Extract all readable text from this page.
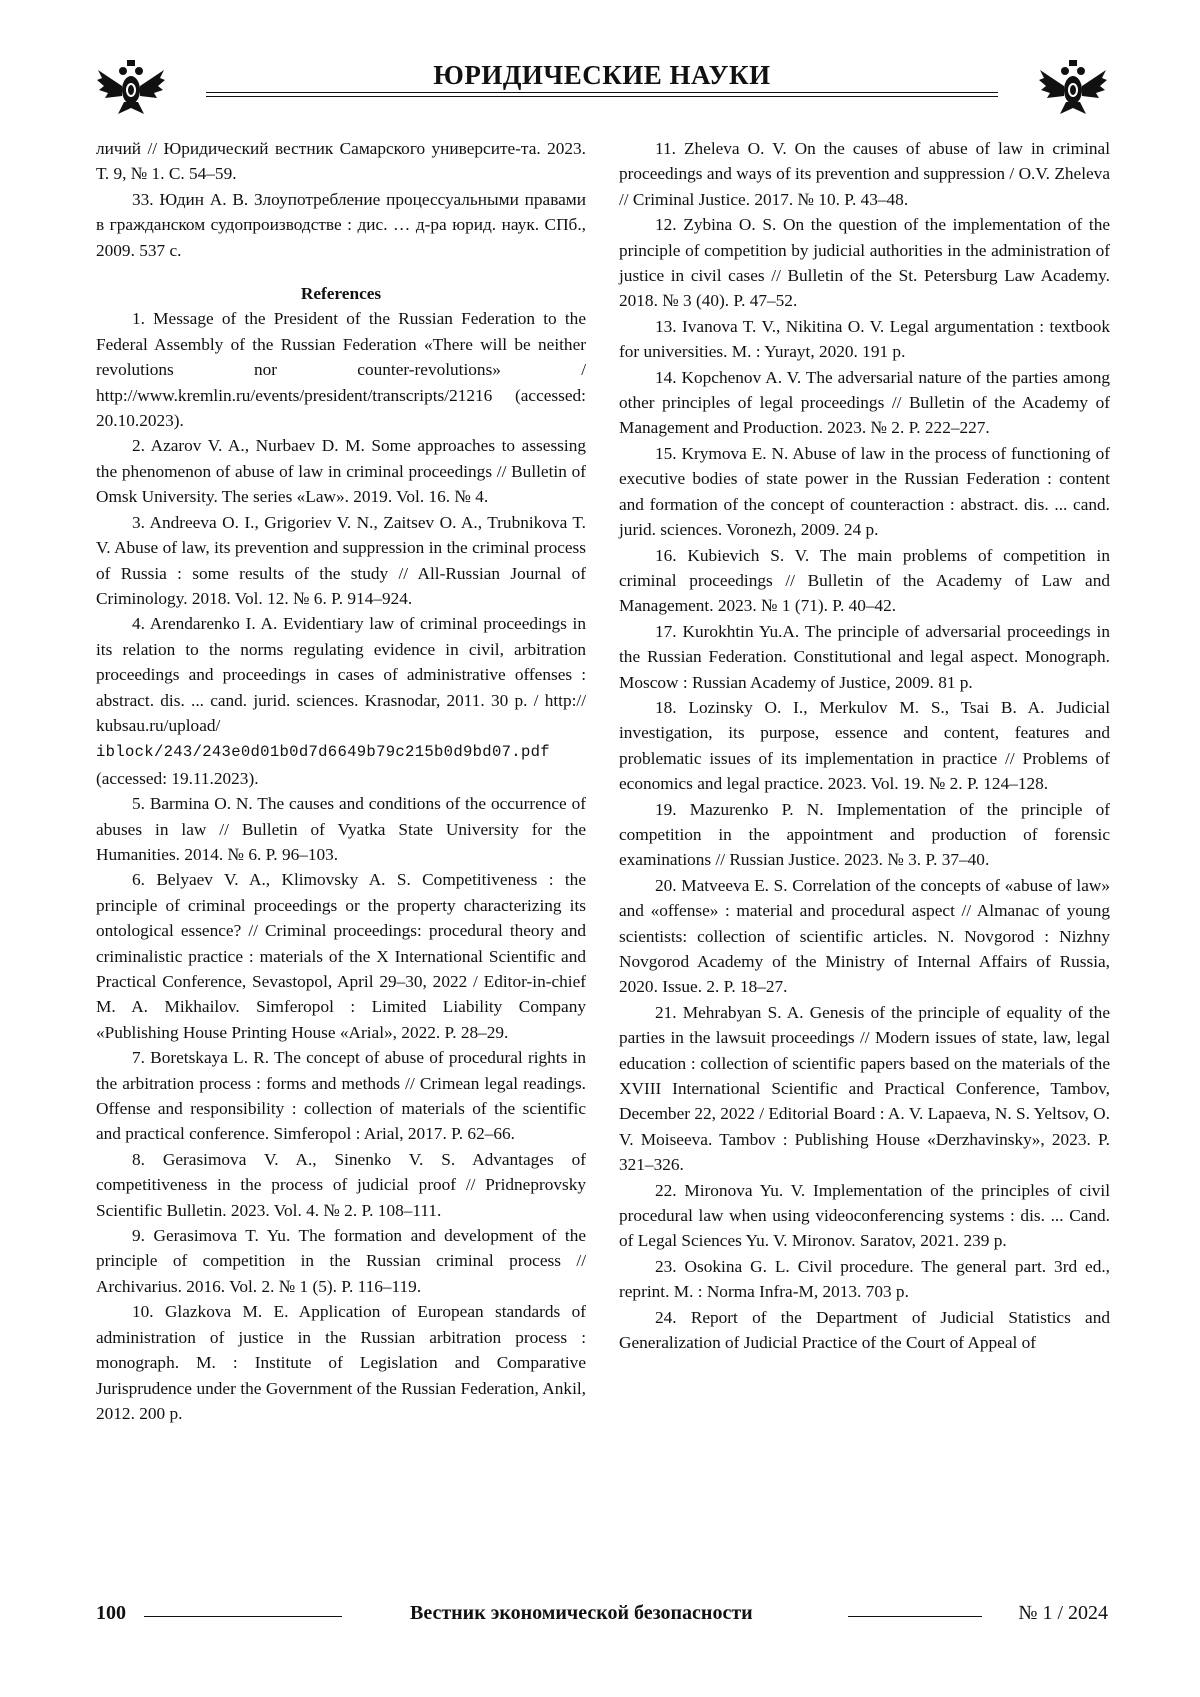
ЮРИДИЧЕСКИЕ НАУКИ

личий // Юридический вестник Самарского университе-та. 2023. Т. 9, № 1. С. 54–59.

33. Юдин А. В. Злоупотребление процессуальными правами в гражданском судопроизводстве : дис. … д-ра юрид. наук. СПб., 2009. 537 с.

References

1. Message of the President of the Russian Federation to the Federal Assembly of the Russian Federation «There will be neither revolutions nor counter-revolutions» / http://www.kremlin.ru/events/president/transcripts/21216 (accessed: 20.10.2023).

2. Azarov V. A., Nurbaev D. M. Some approaches to assessing the phenomenon of abuse of law in criminal proceedings // Bulletin of Omsk University. The series «Law». 2019. Vol. 16. № 4.

3. Andreeva O. I., Grigoriev V. N., Zaitsev O. A., Trubnikova T. V. Abuse of law, its prevention and suppression in the criminal process of Russia : some results of the study // All-Russian Journal of Criminology. 2018. Vol. 12. № 6. P. 914–924.

4. Arendarenko I. A. Evidentiary law of criminal proceedings in its relation to the norms regulating evidence in civil, arbitration proceedings and proceedings in cases of administrative offenses : abstract. dis. ... cand. jurid. sciences. Krasnodar, 2011. 30 p. / http:// kubsau.ru/upload/
iblock/243/243e0d01b0d7d6649b79c215b0d9bd07.pdf
(accessed: 19.11.2023).

5. Barmina O. N. The causes and conditions of the occurrence of abuses in law // Bulletin of Vyatka State University for the Humanities. 2014. № 6. P. 96–103.

6. Belyaev V. A., Klimovsky A. S. Competitiveness : the principle of criminal proceedings or the property characterizing its ontological essence? // Criminal proceedings: procedural theory and criminalistic practice : materials of the X International Scientific and Practical Conference, Sevastopol, April 29–30, 2022 / Editor-in-chief M. A. Mikhailov. Simferopol : Limited Liability Company «Publishing House Printing House «Arial», 2022. P. 28–29.

7. Boretskaya L. R. The concept of abuse of procedural rights in the arbitration process : forms and methods // Crimean legal readings. Offense and responsibility : collection of materials of the scientific and practical conference. Simferopol : Arial, 2017. P. 62–66.

8. Gerasimova V. A., Sinenko V. S. Advantages of competitiveness in the process of judicial proof // Pridneprovsky Scientific Bulletin. 2023. Vol. 4. № 2. P. 108–111.

9. Gerasimova T. Yu. The formation and development of the principle of competition in the Russian criminal process // Archivarius. 2016. Vol. 2. № 1 (5). P. 116–119.

10. Glazkova M. E. Application of European standards of administration of justice in the Russian arbitration process : monograph. M. : Institute of Legislation and Comparative Jurisprudence under the Government of the Russian Federation, Ankil, 2012. 200 p.

11. Zheleva O. V. On the causes of abuse of law in criminal proceedings and ways of its prevention and suppression / O.V. Zheleva // Criminal Justice. 2017. № 10. P. 43–48.

12. Zybina O. S. On the question of the implementation of the principle of competition by judicial authorities in the administration of justice in civil cases // Bulletin of the St. Petersburg Law Academy. 2018. № 3 (40). P. 47–52.

13. Ivanova T. V., Nikitina O. V. Legal argumentation : textbook for universities. M. : Yurayt, 2020. 191 p.

14. Kopchenov A. V. The adversarial nature of the parties among other principles of legal proceedings // Bulletin of the Academy of Management and Production. 2023. № 2. P. 222–227.

15. Krymova E. N. Abuse of law in the process of functioning of executive bodies of state power in the Russian Federation : content and formation of the concept of counteraction : abstract. dis. ... cand. jurid. sciences. Voronezh, 2009. 24 p.

16. Kubievich S. V. The main problems of competition in criminal proceedings // Bulletin of the Academy of Law and Management. 2023. № 1 (71). P. 40–42.

17. Kurokhtin Yu.A. The principle of adversarial proceedings in the Russian Federation. Constitutional and legal aspect. Monograph. Moscow : Russian Academy of Justice, 2009. 81 p.

18. Lozinsky O. I., Merkulov M. S., Tsai B. A. Judicial investigation, its purpose, essence and content, features and problematic issues of its implementation in practice // Problems of economics and legal practice. 2023. Vol. 19. № 2. P. 124–128.

19. Mazurenko P. N. Implementation of the principle of competition in the appointment and production of forensic examinations // Russian Justice. 2023. № 3. P. 37–40.

20. Matveeva E. S. Correlation of the concepts of «abuse of law» and «offense» : material and procedural aspect // Almanac of young scientists: collection of scientific articles. N. Novgorod : Nizhny Novgorod Academy of the Ministry of Internal Affairs of Russia, 2020. Issue. 2. P. 18–27.

21. Mehrabyan S. A. Genesis of the principle of equality of the parties in the lawsuit proceedings // Modern issues of state, law, legal education : collection of scientific papers based on the materials of the XVIII International Scientific and Practical Conference, Tambov, December 22, 2022 / Editorial Board : A. V. Lapaeva, N. S. Yeltsov, O. V. Moiseeva. Tambov : Publishing House «Derzhavinsky», 2023. P. 321–326.

22. Mironova Yu. V. Implementation of the principles of civil procedural law when using videoconferencing systems : dis. ... Cand. of Legal Sciences Yu. V. Mironov. Saratov, 2021. 239 p.

23. Osokina G. L. Civil procedure. The general part. 3rd ed., reprint. M. : Norma Infra-M, 2013. 703 p.

24. Report of the Department of Judicial Statistics and Generalization of Judicial Practice of the Court of Appeal of

100	Вестник экономической безопасности	№ 1 / 2024
